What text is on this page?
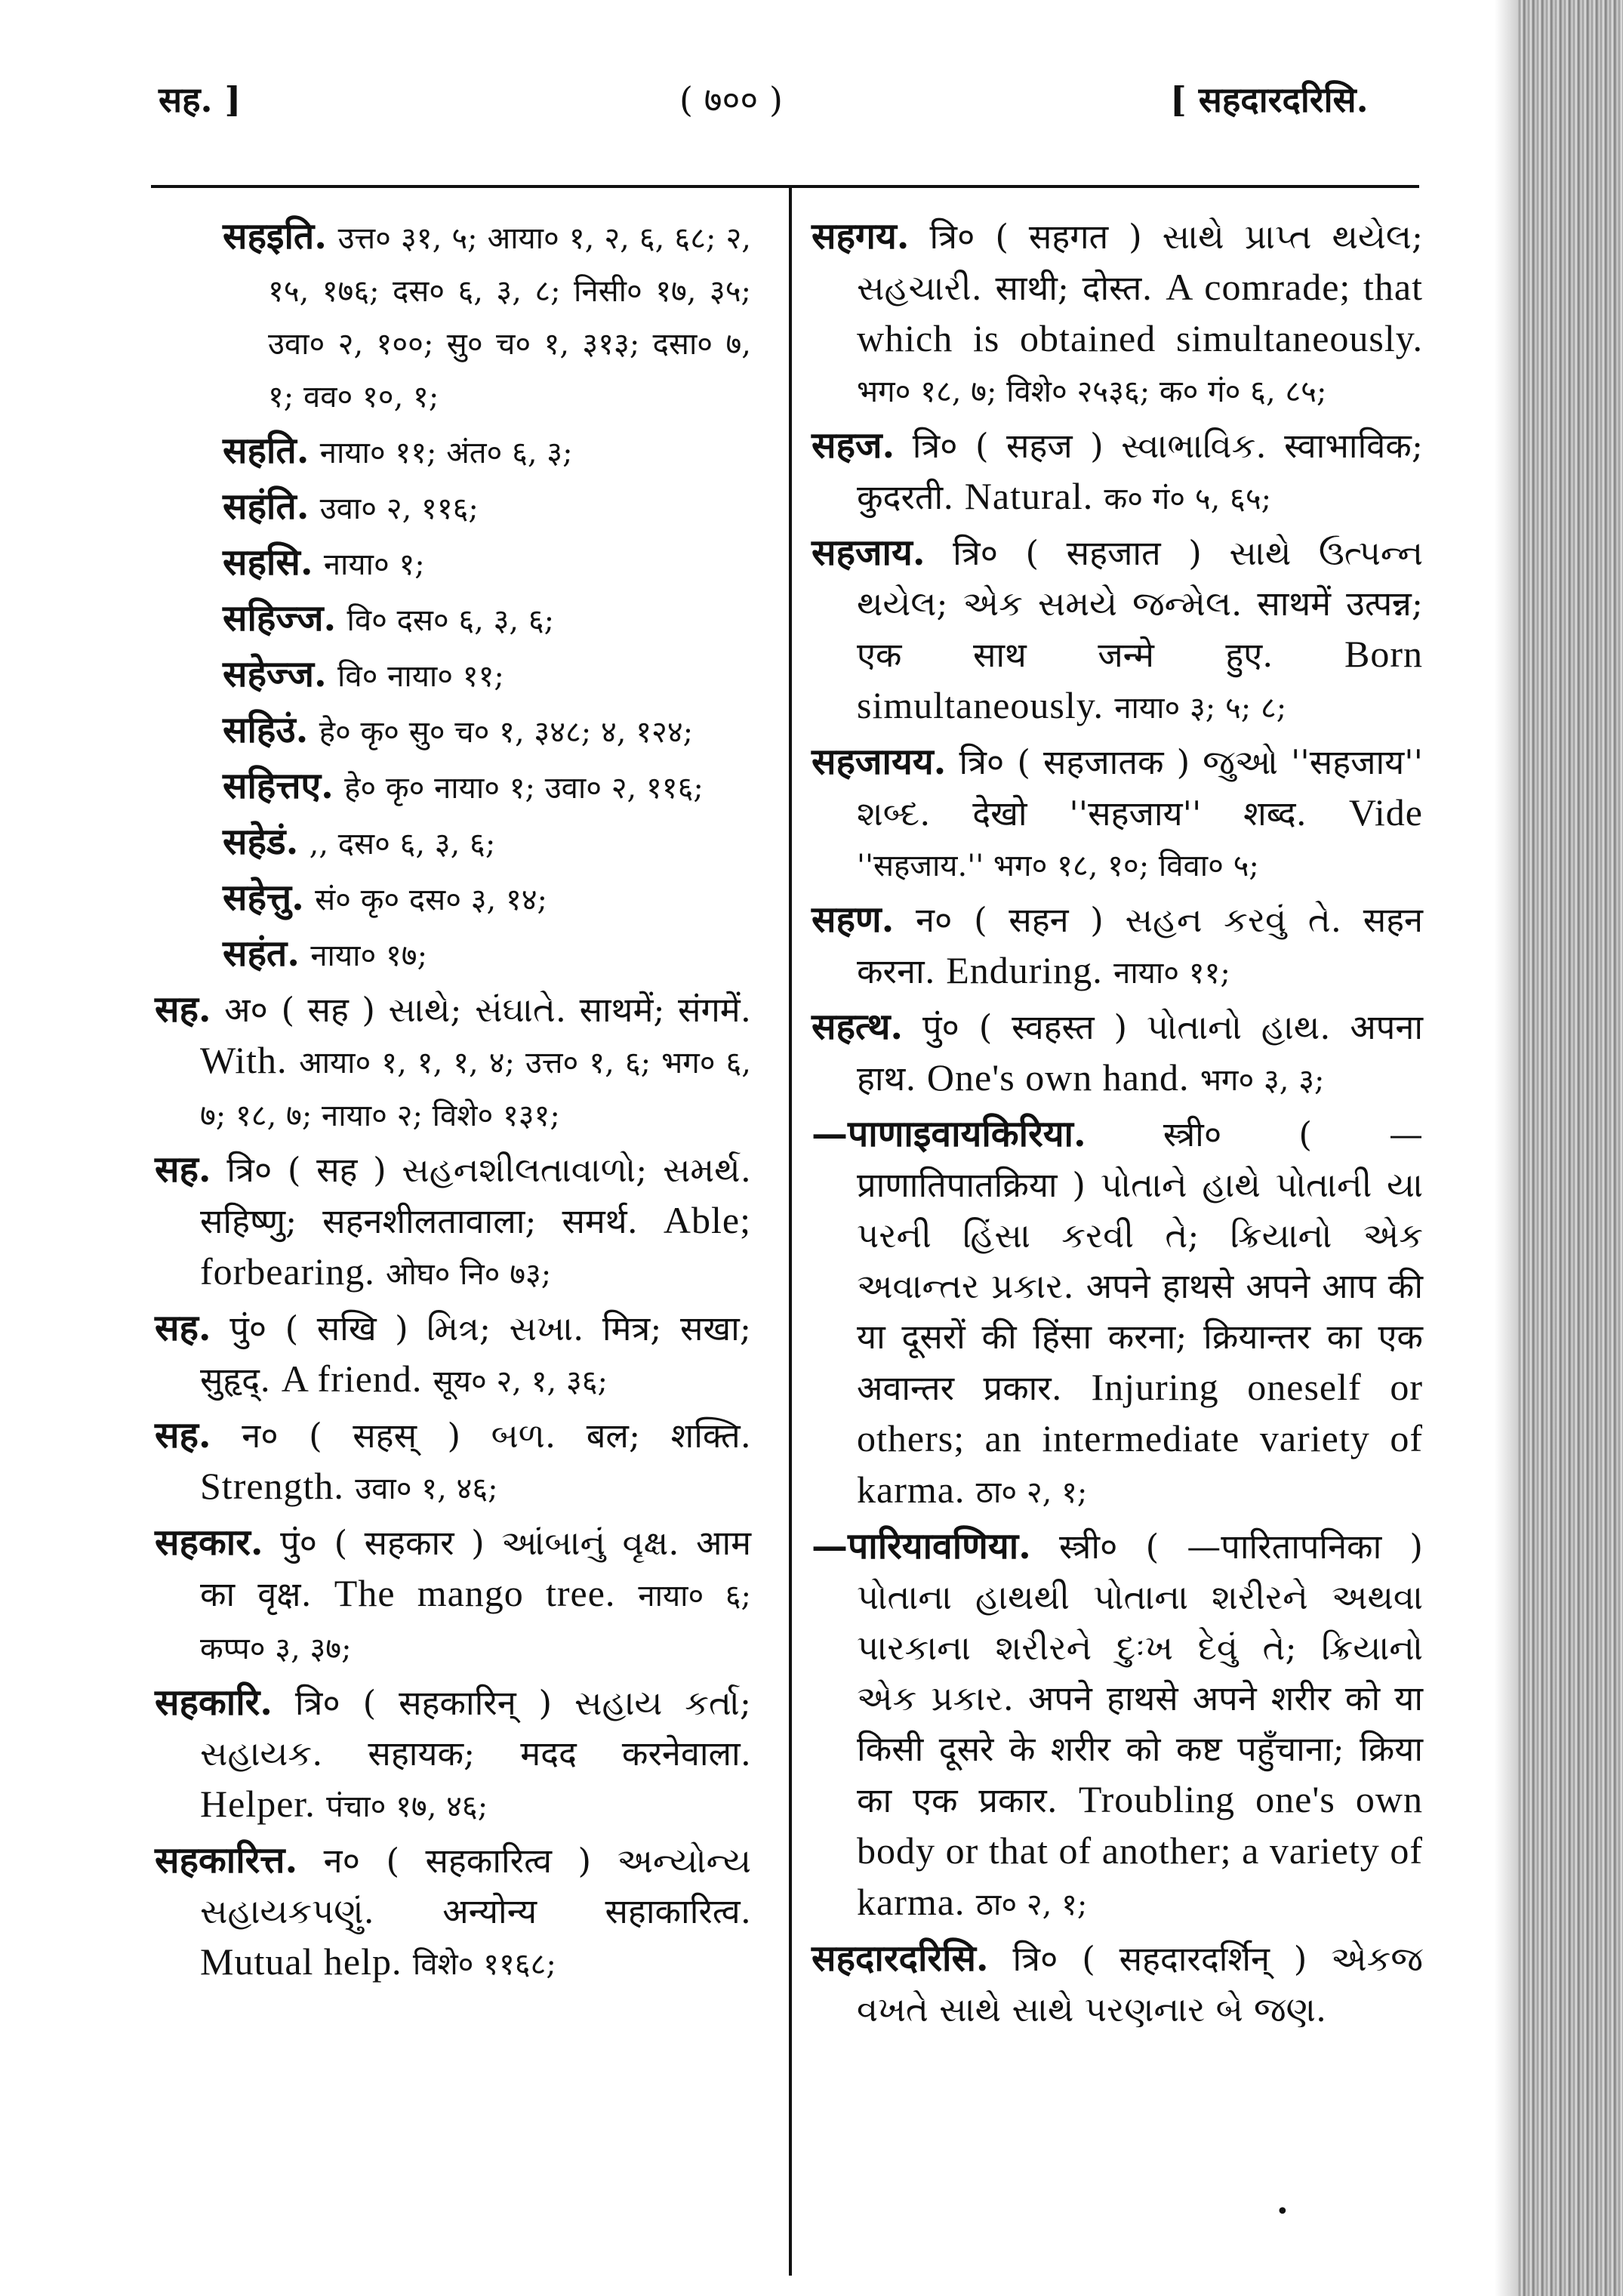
सह. ]	( ७०० )	[ सहदारदरिसि.

सहइति. उत्त० ३१, ५; आया० १, २, ६, ६८; २, १५, १७६; दस० ६, ३, ८; निसी० १७, ३५; उवा० २, १००; सु० च० १, ३१३; दसा० ७, १; वव० १०, १;

सहति. नाया० ११; अंत० ६, ३;

सहंति. उवा० २, ११६;

सहसि. नाया० १;

सहिज्ज. वि० दस० ६, ३, ६;

सहेज्ज. वि० नाया० ११;

सहिउं. हे० कृ० सु० च० १, ३४८; ४, १२४;

सहित्तए. हे० कृ० नाया० १; उवा० २, ११६;

सहेडं. ,, दस० ६, ३, ६;

सहेत्तु. सं० कृ० दस० ३, १४;

सहंत. नाया० १७;

सह. अ० ( सह ) સાથે; સંઘાતે. साथमें; संगमें. With. आया० १, १, १, ४; उत्त० १, ६; भग० ६, ७; १८, ७; नाया० २; विशे० १३१;

सह. त्रि० ( सह ) સહનશીલતાવાળો; સમર્થ. सहिष्णु; सहनशीलतावाला; समर्थ. Able; forbearing. ओघ० नि० ७३;

सह. पुं० ( सखि ) મિત્ર; સખા. मित्र; सखा; सुहृद्. A friend. सूय० २, १, ३६;

सह. न० ( सहस् ) બળ. बल; शक्ति. Strength. उवा० १, ४६;

सहकार. पुं० ( सहकार ) આંબાનું વૃક્ષ. आम का वृक्ष. The mango tree. नाया० ६; कप्प० ३, ३७;

सहकारि. त्रि० ( सहकारिन् ) સહાય કર્તા; સહાયક. सहायक; मदद करनेवाला. Helper. पंचा० १७, ४६;

सहकारित्त. न० ( सहकारित्व ) અન્યોન્ય સહાયકપણું. अन्योन्य सहाकारित्व. Mutual help. विशे० ११६८;

सहगय. त्रि० ( सहगत ) સાથે પ્રાપ્ત થયેલ; સહચારી. साथी; दोस्त. A comrade; that which is obtained simultaneously. भग० १८, ७; विशे० २५३६; क० गं० ६, ८५;

सहज. त्रि० ( सहज ) સ્વાભાવિક. स्वाभाविक; कुदरती. Natural. क० गं० ५, ६५;

सहजाय. त्रि० ( सहजात ) સાથે ઉત્પન્ન થયેલ; એક સમયે જન્મેલ. साथमें उत्पन्न; एक साथ जन्मे हुए. Born simultaneously. नाया० ३; ५; ८;

सहजायय. त्रि० ( सहजातक ) જુઓ ''सहजाय'' શબ્દ. देखो ''सहजाय'' शब्द. Vide ''सहजाय.'' भग० १८, १०; विवा० ५;

सहण. न० ( सहन ) સહન કરવું તે. सहन करना. Enduring. नाया० ११;

सहत्थ. पुं० ( स्वहस्त ) પોતાનો હાથ. अपना हाथ. One's own hand. भग० ३, ३;

—पाणाइवायकिरिया. स्त्री० ( —प्राणातिपातक्रिया ) પોતાને હાથે પોતાની યા પરની હિંસા કરવી તે; ક્રિયાનો એક અવાન્તર પ્રકાર. अपने हाथसे अपने आप की या दूसरों की हिंसा करना; क्रियान्तर का एक अवान्तर प्रकार. Injuring oneself or others; an intermediate variety of karma. ठा० २, १;

—पारियावणिया. स्त्री० ( —पारितापनिका ) પોતાના હાથથી પોતાના શરીરને અથવા પારકાના શરીરને દુઃખ દેવું તે; ક્રિયાનો એક પ્રકાર. अपने हाथसे अपने शरीर को या किसी दूसरे के शरीर को कष्ट पहुँचाना; क्रिया का एक प्रकार. Troubling one's own body or that of another; a variety of karma. ठा० २, १;

सहदारदरिसि. त्रि० ( सहदारदर्शिन् ) એકજ વખતે સાથે સાથે પરણનાર બે જણ.

•
